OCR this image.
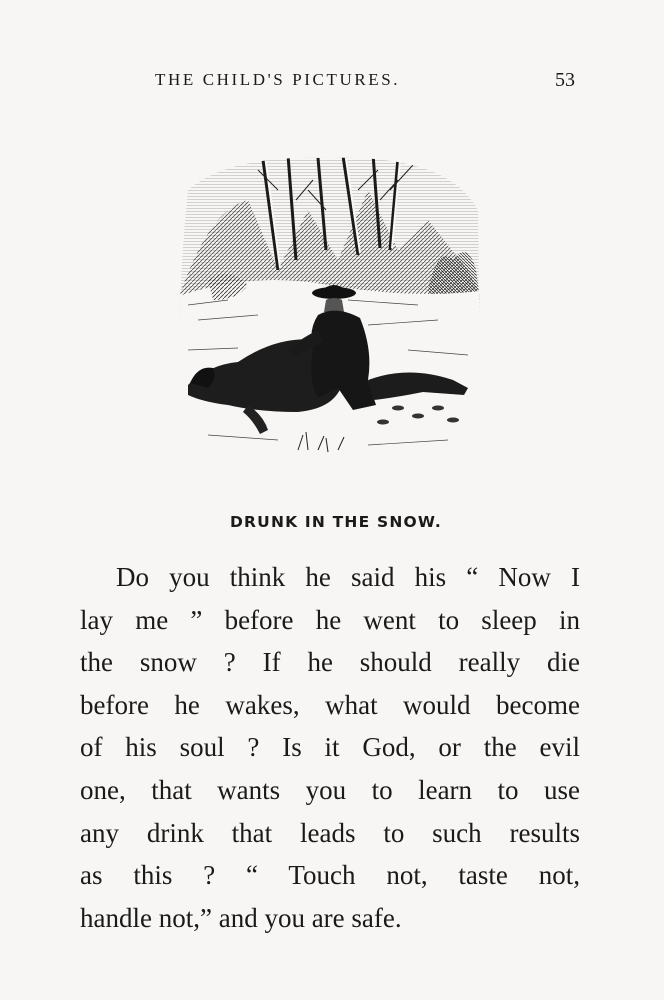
THE CHILD'S PICTURES.	53
DRUNK IN THE SNOW.
Do you think he said his “ Now I
lay me ” before he went to sleep in
the snow ? If he should really die
before he wakes, what would become
of his soul ? Is it God, or the evil
one, that wants you to learn to use
any drink that leads to such results
as this ? “ Touch not, taste not,
handle not,” and you are safe.
